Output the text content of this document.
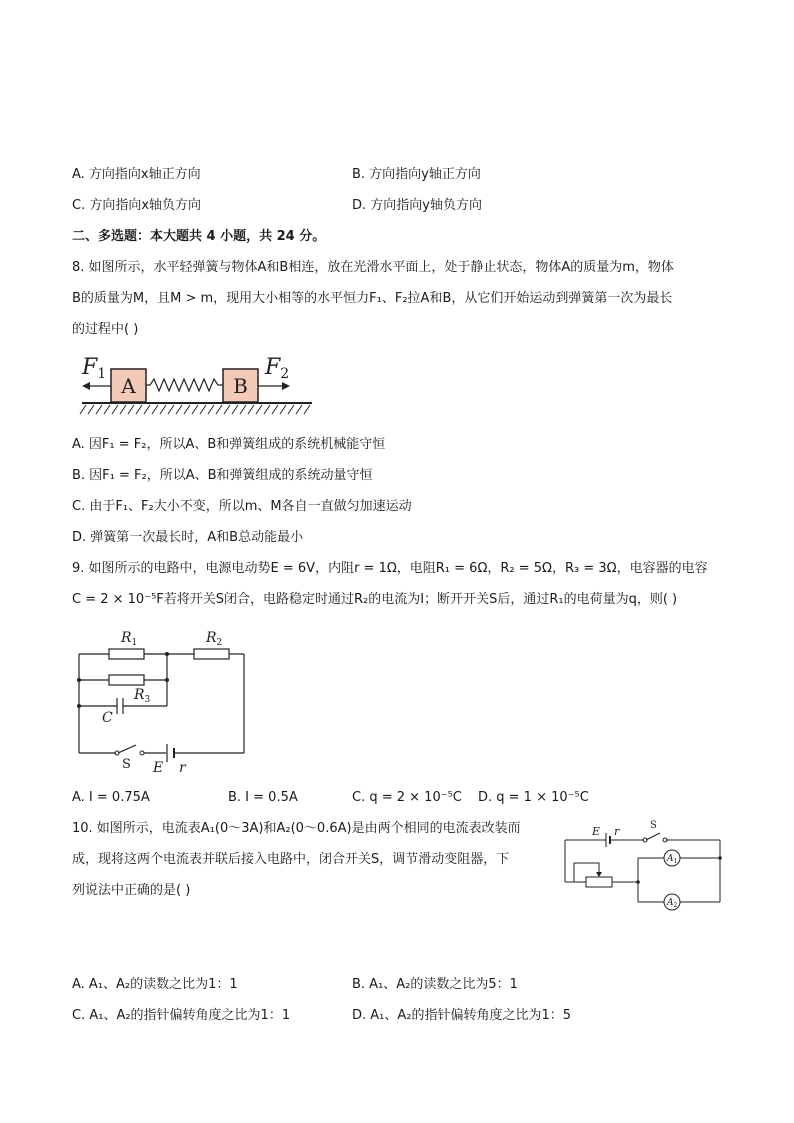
A. 方向指向x轴正方向	B. 方向指向y轴正方向
C. 方向指向x轴负方向	D. 方向指向y轴负方向
二、多选题：本大题共 4 小题，共 24 分。
8. 如图所示，水平轻弹簧与物体A和B相连，放在光滑水平面上，处于静止状态，物体A的质量为m，物体
B的质量为M，且M > m，现用大小相等的水平恒力F₁、F₂拉A和B，从它们开始运动到弹簧第一次为最长
的过程中( )
A	B
F1	F2
A. 因F₁ = F₂，所以A、B和弹簧组成的系统机械能守恒
B. 因F₁ = F₂，所以A、B和弹簧组成的系统动量守恒
C. 由于F₁、F₂大小不变，所以m、M各自一直做匀加速运动
D. 弹簧第一次最长时，A和B总动能最小
9. 如图所示的电路中，电源电动势E = 6V，内阻r = 1Ω，电阻R₁ = 6Ω，R₂ = 5Ω，R₃ = 3Ω，电容器的电容
C = 2 × 10⁻⁵F若将开关S闭合，电路稳定时通过R₂的电流为I；断开开关S后，通过R₁的电荷量为q，则( )
$R_1$	$R_2$
$R_3$
C
S E r
A. I = 0.75A	B. I = 0.5A	C. q = 2 × 10⁻⁵C D. q = 1 × 10⁻⁵C
10. 如图所示，电流表A₁(0～3A)和A₂(0～0.6A)是由两个相同的电流表改装而
成，现将这两个电流表并联后接入电路中，闭合开关S，调节滑动变阻器，下
列说法中正确的是( )
$A_1$
$A_2$
E r	S
A. A₁、A₂的读数之比为1：1	B. A₁、A₂的读数之比为5：1
C. A₁、A₂的指针偏转角度之比为1：1	D. A₁、A₂的指针偏转角度之比为1：5
